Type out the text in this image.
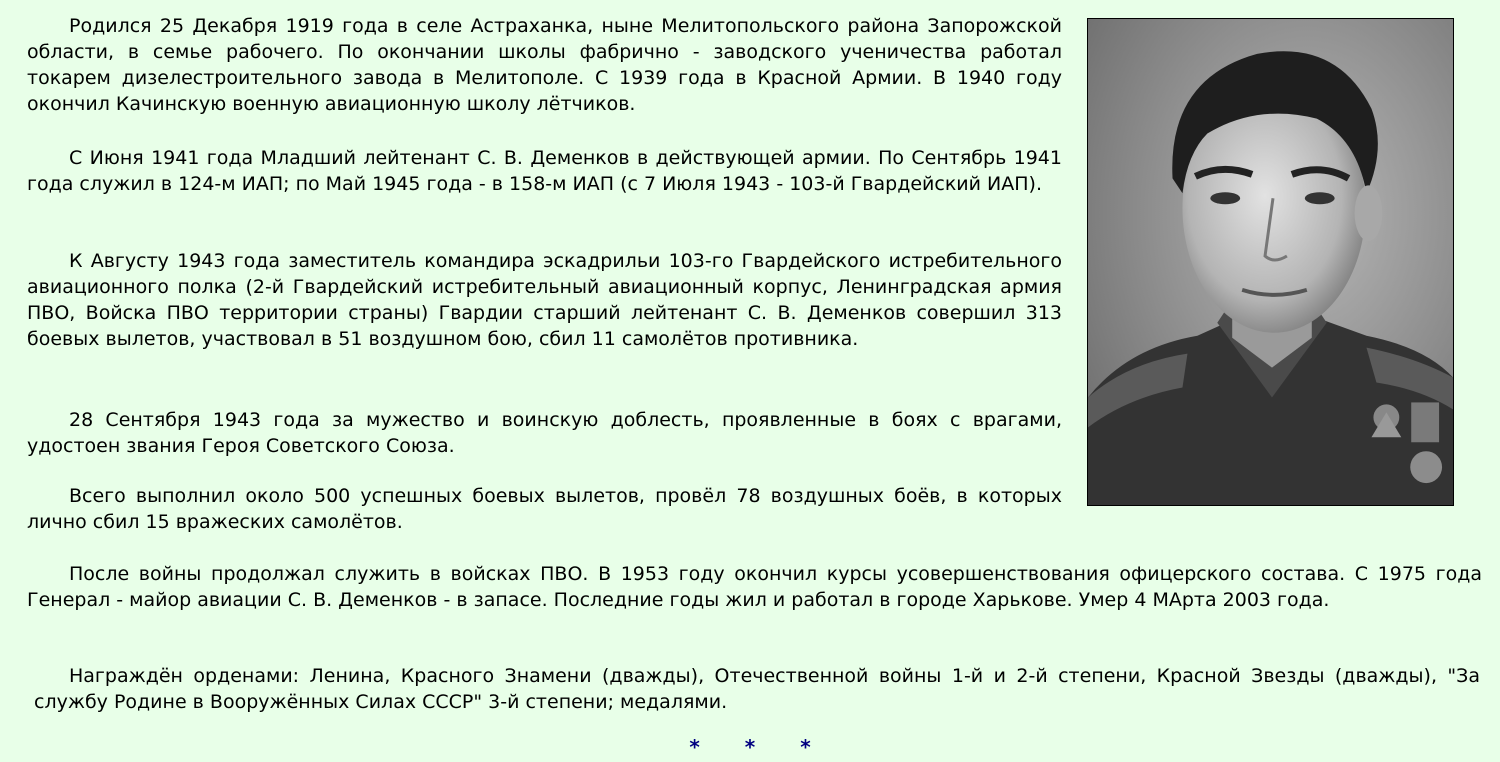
Родился 25 Декабря 1919 года в селе Астраханка, ныне Мелитопольского района Запорожской области, в семье рабочего. По окончании школы фабрично - заводского ученичества работал токарем дизелестроительного завода в Мелитополе. С 1939 года в Красной Армии. В 1940 году окончил Качинскую военную авиационную школу лётчиков.

С Июня 1941 года Младший лейтенант С. В. Деменков в действующей армии. По Сентябрь 1941 года служил в 124-м ИАП; по Май 1945 года - в 158-м ИАП (с 7 Июля 1943 - 103-й Гвардейский ИАП).

К Августу 1943 года заместитель командира эскадрильи 103-го Гвардейского истребительного авиационного полка (2-й Гвардейский истребительный авиационный корпус, Ленинградская армия ПВО, Войска ПВО территории страны) Гвардии старший лейтенант С. В. Деменков совершил 313 боевых вылетов, участвовал в 51 воздушном бою, сбил 11 самолётов противника.

28 Сентября 1943 года за мужество и воинскую доблесть, проявленные в боях с врагами, удостоен звания Героя Советского Союза.

Всего выполнил около 500 успешных боевых вылетов, провёл 78 воздушных боёв, в которых лично сбил 15 вражеских самолётов.

После войны продолжал служить в войсках ПВО. В 1953 году окончил курсы усовершенствования офицерского состава. С 1975 года Генерал - майор авиации С. В. Деменков - в запасе. Последние годы жил и работал в городе Харькове. Умер 4 МАрта 2003 года.

Награждён орденами: Ленина, Красного Знамени (дважды), Отечественной войны 1-й и 2-й степени, Красной Звезды (дважды), "За службу Родине в Вооружённых Силах СССР" 3-й степени; медалями.

* * *
